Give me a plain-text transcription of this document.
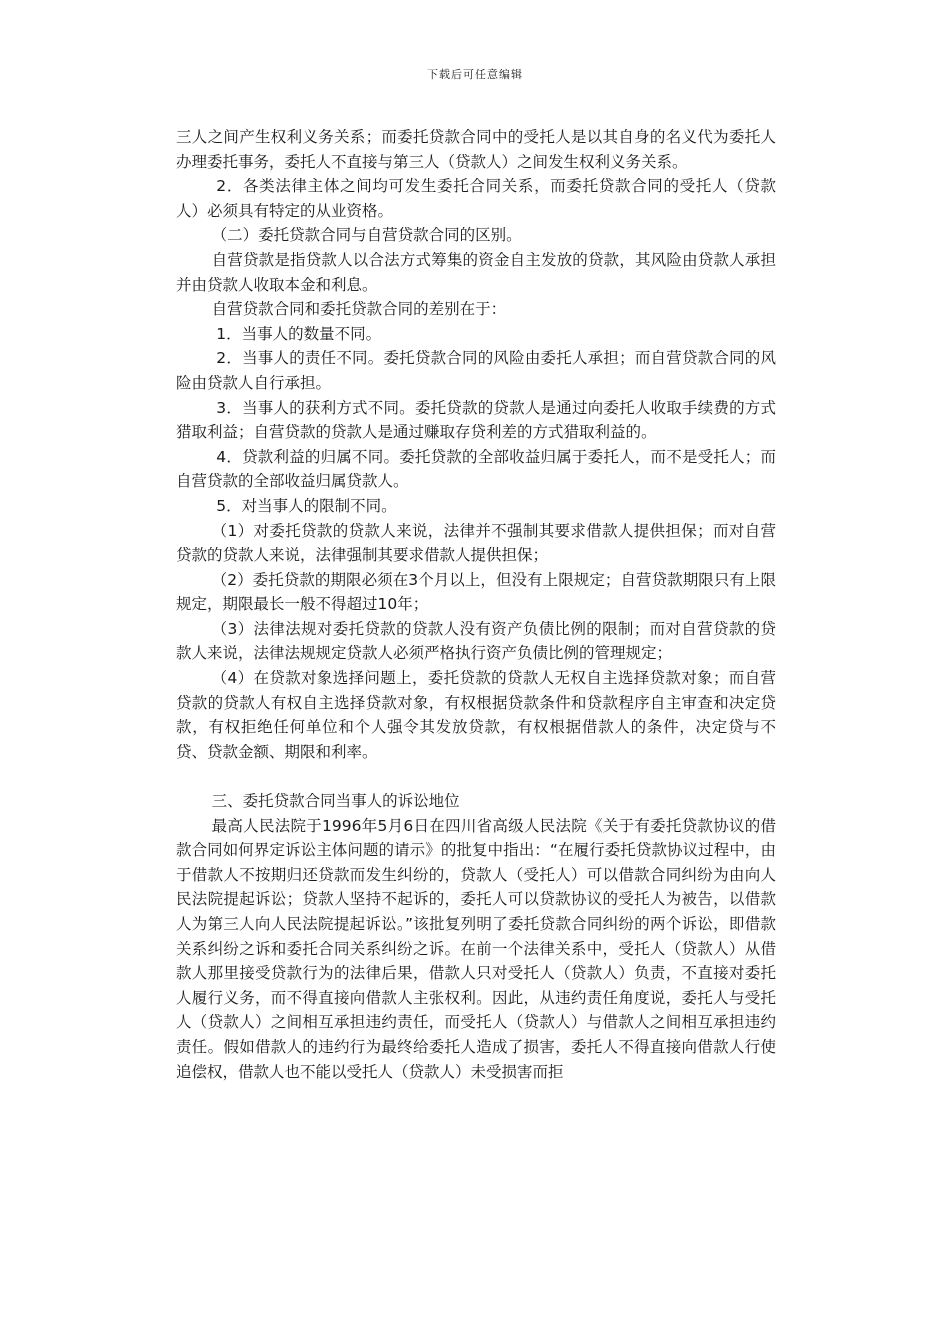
下载后可任意编辑

三人之间产生权利义务关系；而委托贷款合同中的受托人是以其自身的名义代为委托人办理委托事务，委托人不直接与第三人（贷款人）之间发生权利义务关系。

2．各类法律主体之间均可发生委托合同关系，而委托贷款合同的受托人（贷款人）必须具有特定的从业资格。

（二）委托贷款合同与自营贷款合同的区别。

自营贷款是指贷款人以合法方式筹集的资金自主发放的贷款，其风险由贷款人承担并由贷款人收取本金和利息。

自营贷款合同和委托贷款合同的差别在于：

1．当事人的数量不同。

2．当事人的责任不同。委托贷款合同的风险由委托人承担；而自营贷款合同的风险由贷款人自行承担。

3．当事人的获利方式不同。委托贷款的贷款人是通过向委托人收取手续费的方式猎取利益；自营贷款的贷款人是通过赚取存贷利差的方式猎取利益的。

4．贷款利益的归属不同。委托贷款的全部收益归属于委托人，而不是受托人；而自营贷款的全部收益归属贷款人。

5．对当事人的限制不同。

（1）对委托贷款的贷款人来说，法律并不强制其要求借款人提供担保；而对自营贷款的贷款人来说，法律强制其要求借款人提供担保；

（2）委托贷款的期限必须在3个月以上，但没有上限规定；自营贷款期限只有上限规定，期限最长一般不得超过10年；

（3）法律法规对委托贷款的贷款人没有资产负债比例的限制；而对自营贷款的贷款人来说，法律法规规定贷款人必须严格执行资产负债比例的管理规定；

（4）在贷款对象选择问题上，委托贷款的贷款人无权自主选择贷款对象；而自营贷款的贷款人有权自主选择贷款对象，有权根据贷款条件和贷款程序自主审查和决定贷款，有权拒绝任何单位和个人强令其发放贷款，有权根据借款人的条件，决定贷与不贷、贷款金额、期限和利率。

三、委托贷款合同当事人的诉讼地位

最高人民法院于1996年5月6日在四川省高级人民法院《关于有委托贷款协议的借款合同如何界定诉讼主体问题的请示》的批复中指出：“在履行委托贷款协议过程中，由于借款人不按期归还贷款而发生纠纷的，贷款人（受托人）可以借款合同纠纷为由向人民法院提起诉讼；贷款人坚持不起诉的，委托人可以贷款协议的受托人为被告，以借款人为第三人向人民法院提起诉讼。”该批复列明了委托贷款合同纠纷的两个诉讼，即借款关系纠纷之诉和委托合同关系纠纷之诉。在前一个法律关系中，受托人（贷款人）从借款人那里接受贷款行为的法律后果，借款人只对受托人（贷款人）负责，不直接对委托人履行义务，而不得直接向借款人主张权利。因此，从违约责任角度说，委托人与受托人（贷款人）之间相互承担违约责任，而受托人（贷款人）与借款人之间相互承担违约责任。假如借款人的违约行为最终给委托人造成了损害，委托人不得直接向借款人行使追偿权，借款人也不能以受托人（贷款人）未受损害而拒
